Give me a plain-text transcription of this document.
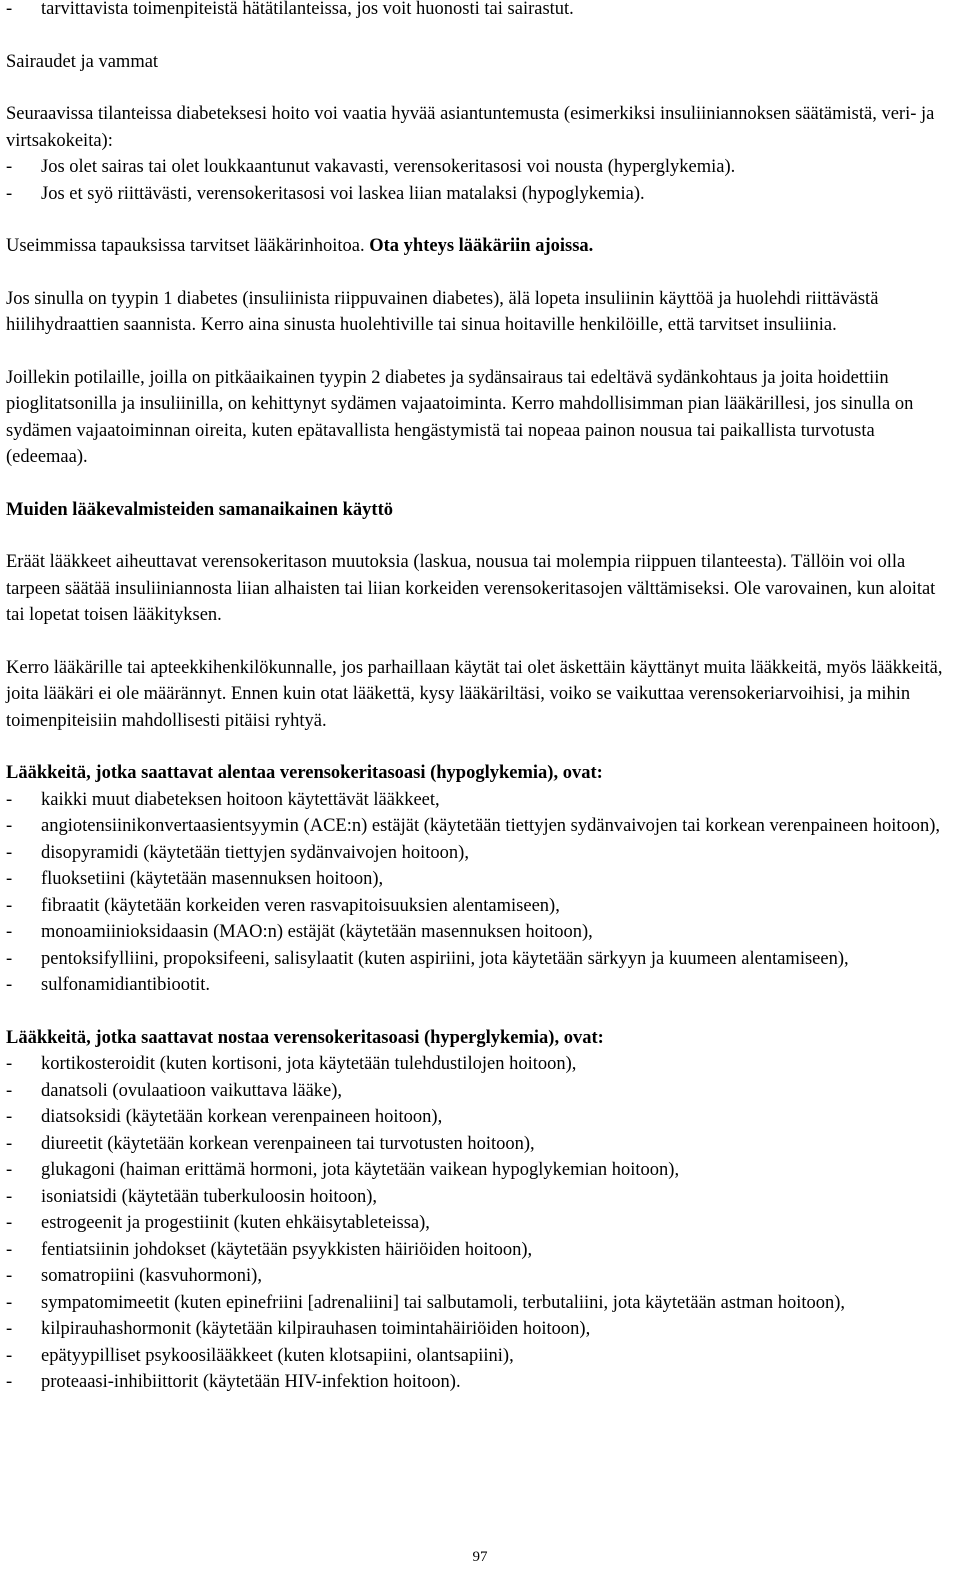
- tarvittavista toimenpiteistä hätätilanteissa, jos voit huonosti tai sairastut.

Sairaudet ja vammat

Seuraavissa tilanteissa diabeteksesi hoito voi vaatia hyvää asiantuntemusta (esimerkiksi insuliiniannoksen säätämistä, veri- ja virtsakokeita):

- Jos olet sairas tai olet loukkaantunut vakavasti, verensokeritasosi voi nousta (hyperglykemia).
- Jos et syö riittävästi, verensokeritasosi voi laskea liian matalaksi (hypoglykemia).

Useimmissa tapauksissa tarvitset lääkärinhoitoa. Ota yhteys lääkäriin ajoissa.

Jos sinulla on tyypin 1 diabetes (insuliinista riippuvainen diabetes), älä lopeta insuliinin käyttöä ja huolehdi riittävästä hiilihydraattien saannista. Kerro aina sinusta huolehtiville tai sinua hoitaville henkilöille, että tarvitset insuliinia.

Joillekin potilaille, joilla on pitkäaikainen tyypin 2 diabetes ja sydänsairaus tai edeltävä sydänkohtaus ja joita hoidettiin pioglitatsonilla ja insuliinilla, on kehittynyt sydämen vajaatoiminta. Kerro mahdollisimman pian lääkärillesi, jos sinulla on sydämen vajaatoiminnan oireita, kuten epätavallista hengästymistä tai nopeaa painon nousua tai paikallista turvotusta (edeemaa).

Muiden lääkevalmisteiden samanaikainen käyttö

Eräät lääkkeet aiheuttavat verensokeritason muutoksia (laskua, nousua tai molempia riippuen tilanteesta). Tällöin voi olla tarpeen säätää insuliiniannosta liian alhaisten tai liian korkeiden verensokeritasojen välttämiseksi. Ole varovainen, kun aloitat tai lopetat toisen lääkityksen.

Kerro lääkärille tai apteekkihenkilökunnalle, jos parhaillaan käytät tai olet äskettäin käyttänyt muita lääkkeitä, myös lääkkeitä, joita lääkäri ei ole määrännyt. Ennen kuin otat lääkettä, kysy lääkäriltäsi, voiko se vaikuttaa verensokeriarvoihisi, ja mihin toimenpiteisiin mahdollisesti pitäisi ryhtyä.

Lääkkeitä, jotka saattavat alentaa verensokeritasoasi (hypoglykemia), ovat:

- kaikki muut diabeteksen hoitoon käytettävät lääkkeet,
- angiotensiinikonvertaasientsyymin (ACE:n) estäjät (käytetään tiettyjen sydänvaivojen tai korkean verenpaineen hoitoon),
- disopyramidi (käytetään tiettyjen sydänvaivojen hoitoon),
- fluoksetiini (käytetään masennuksen hoitoon),
- fibraatit (käytetään korkeiden veren rasvapitoisuuksien alentamiseen),
- monoamiinioksidaasin (MAO:n) estäjät (käytetään masennuksen hoitoon),
- pentoksifylliini, propoksifeeni, salisylaatit (kuten aspiriini, jota käytetään särkyyn ja kuumeen alentamiseen),
- sulfonamidiantibiootit.

Lääkkeitä, jotka saattavat nostaa verensokeritasoasi (hyperglykemia), ovat:

- kortikosteroidit (kuten kortisoni, jota käytetään tulehdustilojen hoitoon),
- danatsoli (ovulaatioon vaikuttava lääke),
- diatsoksidi (käytetään korkean verenpaineen hoitoon),
- diureetit (käytetään korkean verenpaineen tai turvotusten hoitoon),
- glukagoni (haiman erittämä hormoni, jota käytetään vaikean hypoglykemian hoitoon),
- isoniatsidi (käytetään tuberkuloosin hoitoon),
- estrogeenit ja progestiinit (kuten ehkäisytableteissa),
- fentiatsiinin johdokset (käytetään psyykkisten häiriöiden hoitoon),
- somatropiini (kasvuhormoni),
- sympatomimeetit (kuten epinefriini [adrenaliini] tai salbutamoli, terbutaliini, jota käytetään astman hoitoon),
- kilpirauhashormonit (käytetään kilpirauhasen toimintahäiriöiden hoitoon),
- epätyypilliset psykoosilääkkeet (kuten klotsapiini, olantsapiini),
- proteaasi-inhibiittorit (käytetään HIV-infektion hoitoon).
97
